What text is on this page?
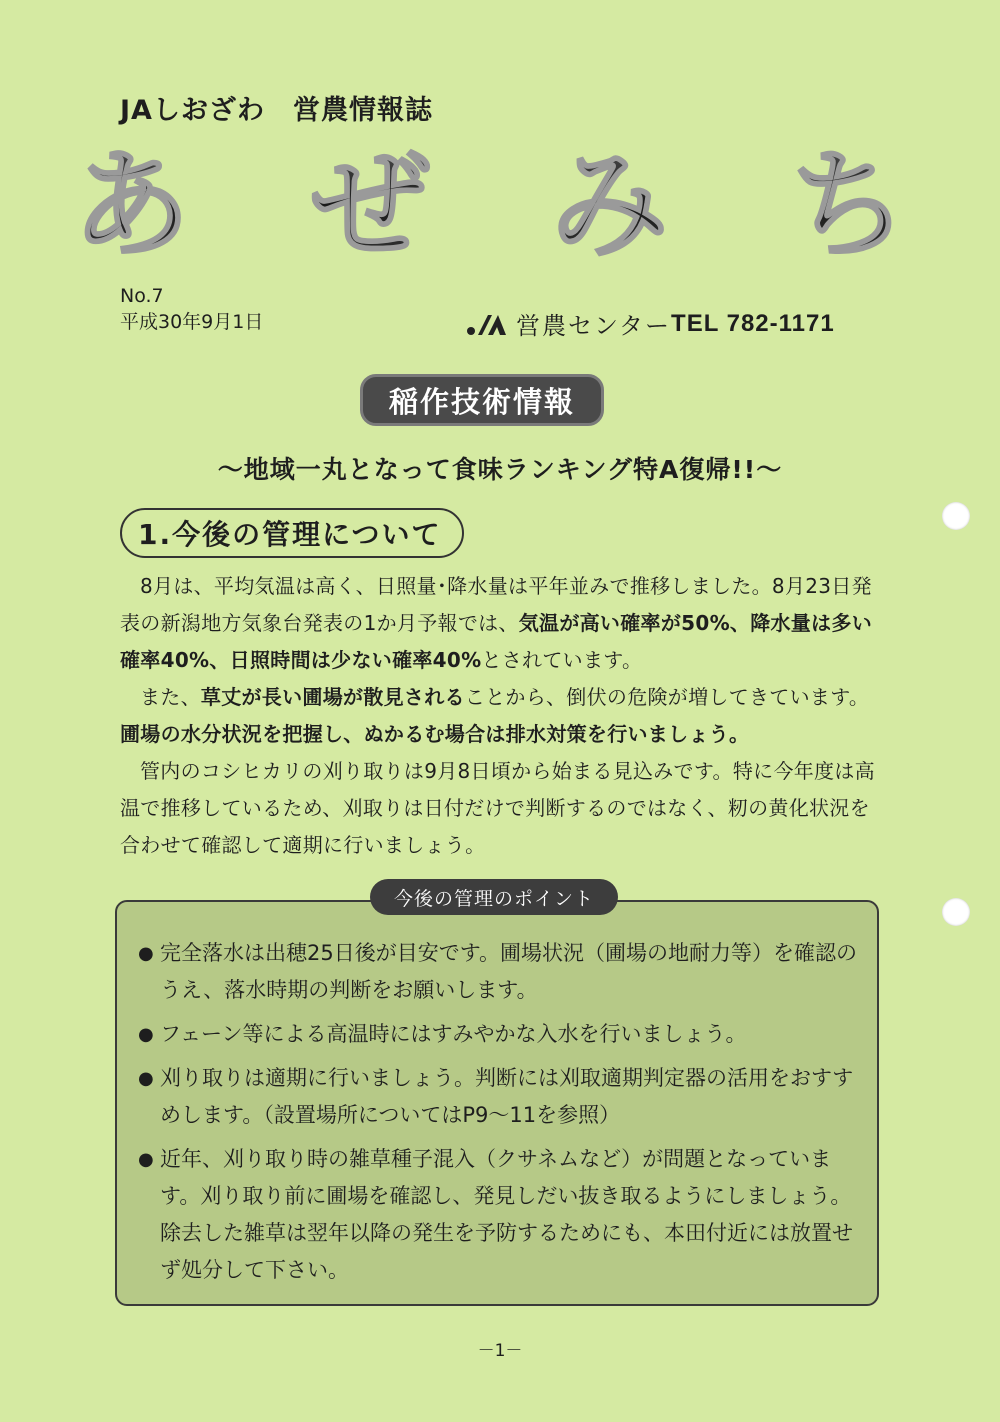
JAしおざわ　営農情報誌
あ ぜ み ち
No.7
平成30年9月1日	営農センター TEL 782-1171
稲作技術情報
～地域一丸となって食味ランキング特A復帰!!～
1.今後の管理について

8月は、平均気温は高く、日照量･降水量は平年並みで推移しました。8月23日発表の新潟地方気象台発表の1か月予報では、気温が高い確率が50%、降水量は多い確率40%、日照時間は少ない確率40%とされています。

また、草丈が長い圃場が散見されることから、倒伏の危険が増してきています。圃場の水分状況を把握し、ぬかるむ場合は排水対策を行いましょう。

管内のコシヒカリの刈り取りは9月8日頃から始まる見込みです。特に今年度は高温で推移しているため、刈取りは日付だけで判断するのではなく、籾の黄化状況を合わせて確認して適期に行いましょう。

今後の管理のポイント
● 完全落水は出穂25日後が目安です。圃場状況（圃場の地耐力等）を確認のうえ、落水時期の判断をお願いします。
● フェーン等による高温時にはすみやかな入水を行いましょう。
● 刈り取りは適期に行いましょう。判断には刈取適期判定器の活用をおすすめします。（設置場所についてはP9～11を参照）
● 近年、刈り取り時の雑草種子混入（クサネムなど）が問題となっています。刈り取り前に圃場を確認し、発見しだい抜き取るようにしましょう。除去した雑草は翌年以降の発生を予防するためにも、本田付近には放置せず処分して下さい。
－1－
